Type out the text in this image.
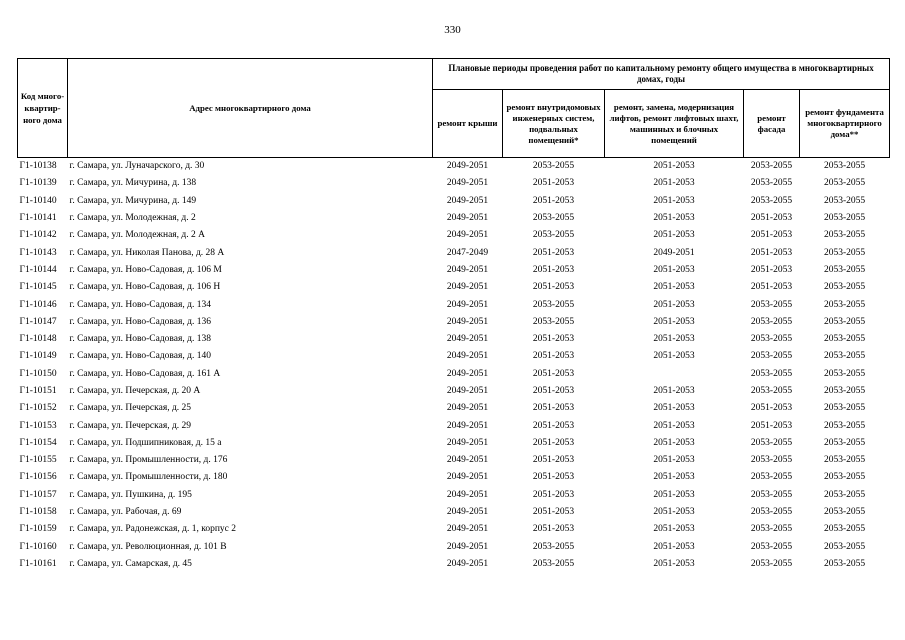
330
Код много-квартир-ного дома	Адрес многоквартирного дома	Плановые периоды проведения работ по капитальному ремонту общего имущества в многоквартирных домах, годы				
		ремонт крыши	ремонт внутридомовых инженерных систем, подвальных помещений*	ремонт, замена, модернизация лифтов, ремонт лифтовых шахт, машинных и блочных помещений	ремонт фасада	ремонт фундамента многоквартирного дома**
Г1-10138	г. Самара, ул. Луначарского, д. 30	2049-2051	2053-2055	2051-2053	2053-2055	2053-2055
Г1-10139	г. Самара, ул. Мичурина, д. 138	2049-2051	2051-2053	2051-2053	2053-2055	2053-2055
Г1-10140	г. Самара, ул. Мичурина, д. 149	2049-2051	2051-2053	2051-2053	2053-2055	2053-2055
Г1-10141	г. Самара, ул. Молодежная, д. 2	2049-2051	2053-2055	2051-2053	2051-2053	2053-2055
Г1-10142	г. Самара, ул. Молодежная, д. 2 А	2049-2051	2053-2055	2051-2053	2051-2053	2053-2055
Г1-10143	г. Самара, ул. Николая Панова, д. 28 А	2047-2049	2051-2053	2049-2051	2051-2053	2053-2055
Г1-10144	г. Самара, ул. Ново-Садовая, д. 106 М	2049-2051	2051-2053	2051-2053	2051-2053	2053-2055
Г1-10145	г. Самара, ул. Ново-Садовая, д. 106 Н	2049-2051	2051-2053	2051-2053	2051-2053	2053-2055
Г1-10146	г. Самара, ул. Ново-Садовая, д. 134	2049-2051	2053-2055	2051-2053	2053-2055	2053-2055
Г1-10147	г. Самара, ул. Ново-Садовая, д. 136	2049-2051	2053-2055	2051-2053	2053-2055	2053-2055
Г1-10148	г. Самара, ул. Ново-Садовая, д. 138	2049-2051	2051-2053	2051-2053	2053-2055	2053-2055
Г1-10149	г. Самара, ул. Ново-Садовая, д. 140	2049-2051	2051-2053	2051-2053	2053-2055	2053-2055
Г1-10150	г. Самара, ул. Ново-Садовая, д. 161 А	2049-2051	2051-2053		2053-2055	2053-2055
Г1-10151	г. Самара, ул. Печерская, д. 20 А	2049-2051	2051-2053	2051-2053	2053-2055	2053-2055
Г1-10152	г. Самара, ул. Печерская, д. 25	2049-2051	2051-2053	2051-2053	2051-2053	2053-2055
Г1-10153	г. Самара, ул. Печерская, д. 29	2049-2051	2051-2053	2051-2053	2051-2053	2053-2055
Г1-10154	г. Самара, ул. Подшипниковая, д. 15 а	2049-2051	2051-2053	2051-2053	2053-2055	2053-2055
Г1-10155	г. Самара, ул. Промышленности, д. 176	2049-2051	2051-2053	2051-2053	2053-2055	2053-2055
Г1-10156	г. Самара, ул. Промышленности, д. 180	2049-2051	2051-2053	2051-2053	2053-2055	2053-2055
Г1-10157	г. Самара, ул. Пушкина, д. 195	2049-2051	2051-2053	2051-2053	2053-2055	2053-2055
Г1-10158	г. Самара, ул. Рабочая, д. 69	2049-2051	2051-2053	2051-2053	2053-2055	2053-2055
Г1-10159	г. Самара, ул. Радонежская, д. 1, корпус 2	2049-2051	2051-2053	2051-2053	2053-2055	2053-2055
Г1-10160	г. Самара, ул. Революционная, д. 101 В	2049-2051	2053-2055	2051-2053	2053-2055	2053-2055
Г1-10161	г. Самара, ул. Самарская, д. 45	2049-2051	2053-2055	2051-2053	2053-2055	2053-2055
